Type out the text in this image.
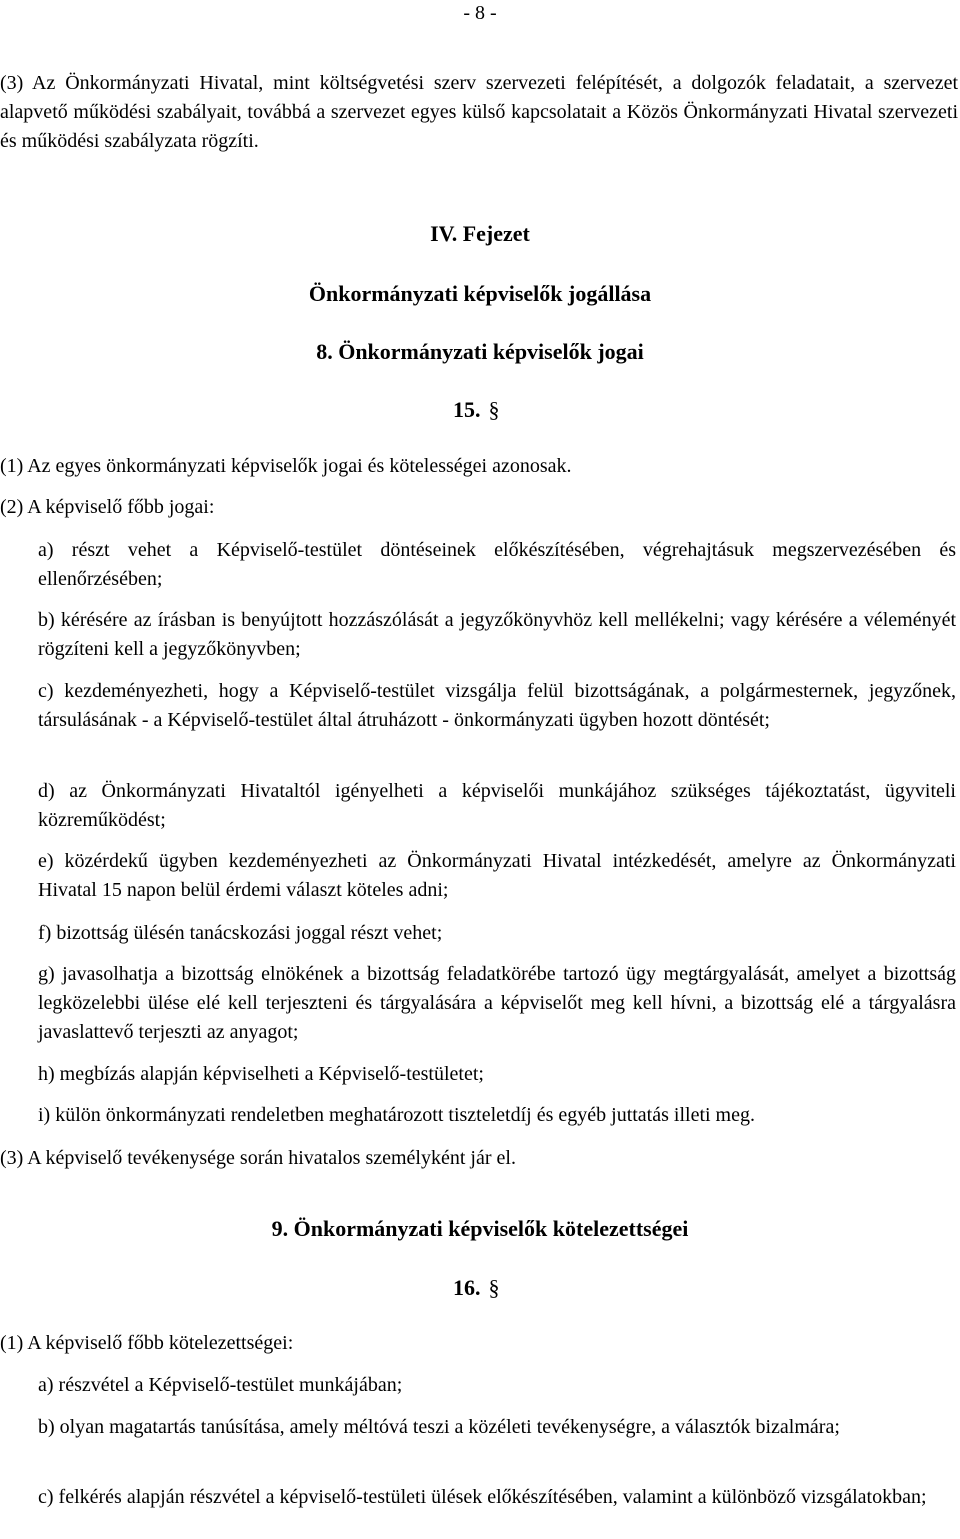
- 8 -

(3) Az Önkormányzati Hivatal, mint költségvetési szerv szervezeti felépítését, a dolgozók feladatait, a szervezet alapvető működési szabályait, továbbá a szervezet egyes külső kapcsolatait a Közös Önkormányzati Hivatal szervezeti és működési szabályzata rögzíti.

IV. Fejezet
Önkormányzati képviselők jogállása
8. Önkormányzati képviselők jogai
15. §

(1) Az egyes önkormányzati képviselők jogai és kötelességei azonosak.

(2) A képviselő főbb jogai:

a) részt vehet a Képviselő-testület döntéseinek előkészítésében, végrehajtásuk megszervezésében és ellenőrzésében;

b) kérésére az írásban is benyújtott hozzászólását a jegyzőkönyvhöz kell mellékelni; vagy kérésére a véleményét rögzíteni kell a jegyzőkönyvben;

c) kezdeményezheti, hogy a Képviselő-testület vizsgálja felül bizottságának, a polgármesternek, jegyzőnek, társulásának - a Képviselő-testület által átruházott - önkormányzati ügyben hozott döntését;

d) az Önkormányzati Hivataltól igényelheti a képviselői munkájához szükséges tájékoztatást, ügyviteli közreműködést;

e) közérdekű ügyben kezdeményezheti az Önkormányzati Hivatal intézkedését, amelyre az Önkormányzati Hivatal 15 napon belül érdemi választ köteles adni;

f) bizottság ülésén tanácskozási joggal részt vehet;

g) javasolhatja a bizottság elnökének a bizottság feladatkörébe tartozó ügy megtárgyalását, amelyet a bizottság legközelebbi ülése elé kell terjeszteni és tárgyalására a képviselőt meg kell hívni, a bizottság elé a tárgyalásra javaslattevő terjeszti az anyagot;

h) megbízás alapján képviselheti a Képviselő-testületet;

i) külön önkormányzati rendeletben meghatározott tiszteletdíj és egyéb juttatás illeti meg.

(3) A képviselő tevékenysége során hivatalos személyként jár el.

9. Önkormányzati képviselők kötelezettségei
16. §

(1) A képviselő főbb kötelezettségei:

a) részvétel a Képviselő-testület munkájában;

b) olyan magatartás tanúsítása, amely méltóvá teszi a közéleti tevékenységre, a választók bizalmára;

c) felkérés alapján részvétel a képviselő-testületi ülések előkészítésében, valamint a különböző vizsgálatokban;
